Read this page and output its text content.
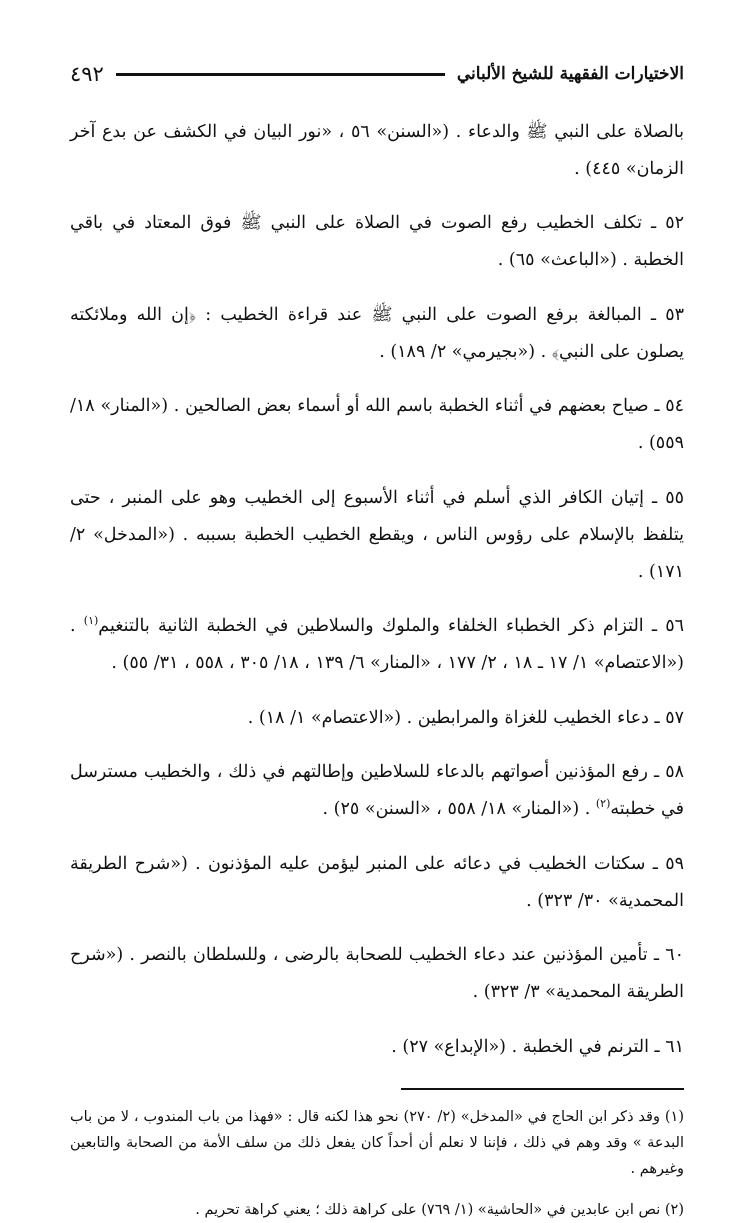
الاختيارات الفقهية للشيخ الألباني
٤٩٢

بالصلاة على النبي ﷺ والدعاء . («السنن» ٥٦ ، «نور البيان في الكشف عن بدع آخر الزمان» ٤٤٥) .

٥٢ ـ تكلف الخطيب رفع الصوت في الصلاة على النبي ﷺ فوق المعتاد في باقي الخطبة . («الباعث» ٦٥) .

٥٣ ـ المبالغة برفع الصوت على النبي ﷺ عند قراءة الخطيب : ﴿إن الله وملائكته يصلون على النبي﴾ . («بجيرمي» ٢/ ١٨٩) .

٥٤ ـ صياح بعضهم في أثناء الخطبة باسم الله أو أسماء بعض الصالحين . («المنار» ١٨/ ٥٥٩) .

٥٥ ـ إتيان الكافر الذي أسلم في أثناء الأسبوع إلى الخطيب وهو على المنبر ، حتى يتلفظ بالإسلام على رؤوس الناس ، ويقطع الخطيب الخطبة بسببه . («المدخل» ٢/ ١٧١) .

٥٦ ـ التزام ذكر الخطباء الخلفاء والملوك والسلاطين في الخطبة الثانية بالتنغيم$^{(١)}$ . («الاعتصام» ١/ ١٧ ـ ١٨ ، ٢/ ١٧٧ ، «المنار» ٦/ ١٣٩ ، ١٨/ ٣٠٥ ، ٥٥٨ ، ٣١/ ٥٥) .

٥٧ ـ دعاء الخطيب للغزاة والمرابطين . («الاعتصام» ١/ ١٨) .

٥٨ ـ رفع المؤذنين أصواتهم بالدعاء للسلاطين وإطالتهم في ذلك ، والخطيب مسترسل في خطبته$^{(٢)}$ . («المنار» ١٨/ ٥٥٨ ، «السنن» ٢٥) .

٥٩ ـ سكتات الخطيب في دعائه على المنبر ليؤمن عليه المؤذنون . («شرح الطريقة المحمدية» ٣٠/ ٣٢٣) .

٦٠ ـ تأمين المؤذنين عند دعاء الخطيب للصحابة بالرضى ، وللسلطان بالنصر . («شرح الطريقة المحمدية» ٣/ ٣٢٣) .

٦١ ـ الترنم في الخطبة . («الإبداع» ٢٧) .

(١) وقد ذكر ابن الحاج في «المدخل» (٢/ ٢٧٠) نحو هذا لكنه قال : «فهذا من باب المندوب ، لا من باب البدعة » وقد وهم في ذلك ، فإننا لا نعلم أن أحداً كان يفعل ذلك من سلف الأمة من الصحابة والتابعين وغيرهم .

(٢) نص ابن عابدين في «الحاشية» (١/ ٧٦٩) على كراهة ذلك ؛ يعني كراهة تحريم .
